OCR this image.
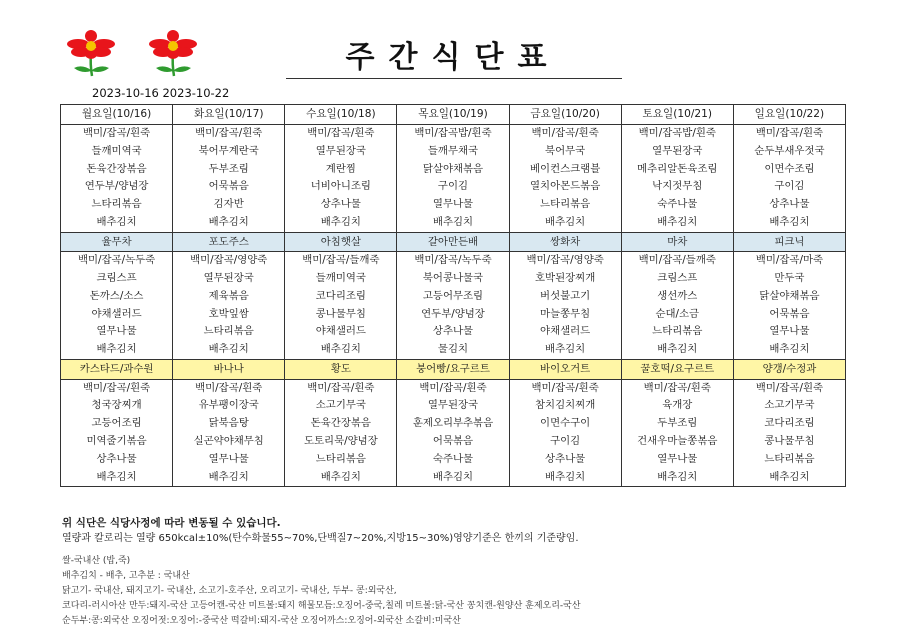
주간식단표
2023-10-16 2023-10-22
월요일(10/16)	화요일(10/17)	수요일(10/18)	목요일(10/19)	금요일(10/20)	토요일(10/21)	일요일(10/22)
백미/잡곡/흰죽	백미/잡곡/흰죽	백미/잡곡/흰죽	백미/잡곡밥/흰죽	백미/잡곡/흰죽	백미/잡곡밥/흰죽	백미/잡곡/흰죽
들깨미역국	북어무계란국	열무된장국	들깨무채국	북어무국	열무된장국	순두부새우젓국
돈육간장볶음	두부조림	계란찜	닭살야채볶음	베이컨스크램블	메추리알돈육조림	이면수조림
연두부/양념장	어묵볶음	너비아니조림	구이김	열치아몬드볶음	낙지젓무침	구이김
느타리볶음	김자반	상추나물	열무나물	느타리볶음	숙주나물	상추나물
배추김치	배추김치	배추김치	배추김치	배추김치	배추김치	배추김치
율무차	포도주스	아침햇살	갈아만든배	쌍화차	마차	피크닉
백미/잡곡/녹두죽	백미/잡곡/영양죽	백미/잡곡/들깨죽	백미/잡곡/녹두죽	백미/잡곡/영양죽	백미/잡곡/들깨죽	백미/잡곡/마죽
크림스프	열무된장국	들깨미역국	북어콩나물국	호박된장찌개	크림스프	만두국
돈까스/소스	제육볶음	코다리조림	고등어무조림	버섯불고기	생선까스	닭살야채볶음
야채샐러드	호박잎쌈	콩나물무침	연두부/양념장	마늘쫑무침	순대/소금	어묵볶음
열무나물	느타리볶음	야채샐러드	상추나물	야채샐러드	느타리볶음	열무나물
배추김치	배추김치	배추김치	물김치	배추김치	배추김치	배추김치
카스타드/과수원	바나나	황도	붕어빵/요구르트	바이오거트	꿀호떡/요구르트	양갱/수정과
백미/잡곡/흰죽	백미/잡곡/흰죽	백미/잡곡/흰죽	백미/잡곡/흰죽	백미/잡곡/흰죽	백미/잡곡/흰죽	백미/잡곡/흰죽
청국장찌개	유부팽이장국	소고기무국	열무된장국	참치김치찌개	육개장	소고기무국
고등어조림	닭북음탕	돈육간장볶음	훈제오리부추볶음	이면수구이	두부조림	코다리조림
미역줄기볶음	실곤약야채무침	도토리묵/양념장	어묵볶음	구이김	건새우마늘쫑볶음	콩나물무침
상추나물	열무나물	느타리볶음	숙주나물	상추나물	열무나물	느타리볶음
배추김치	배추김치	배추김치	배추김치	배추김치	배추김치	배추김치
위 식단은 식당사정에 따라 변동될 수 있습니다.
열량과 칼로리는 열량 650kcal±10%(탄수화물55~70%,단백질7~20%,지방15~30%)영양기준은 한끼의 기준량임.
쌀-국내산 (밥,죽)
배추김치 - 배추, 고추분 : 국내산
닭고기- 국내산, 돼지고기- 국내산, 소고기-호주산, 오리고기- 국내산, 두부- 콩:외국산,
코다리-러시아산 만두:돼지-국산 고등어캔-국산 미트볼:돼지 해물모듬:오징어-중국,칠레 미트볼:닭-국산 꽁치캔-원양산 훈제오리-국산
순두부:콩:외국산 오징어젓:오징어:-중국산 떡갈비:돼지-국산 오징어까스:오징어-외국산 소갈비:미국산
